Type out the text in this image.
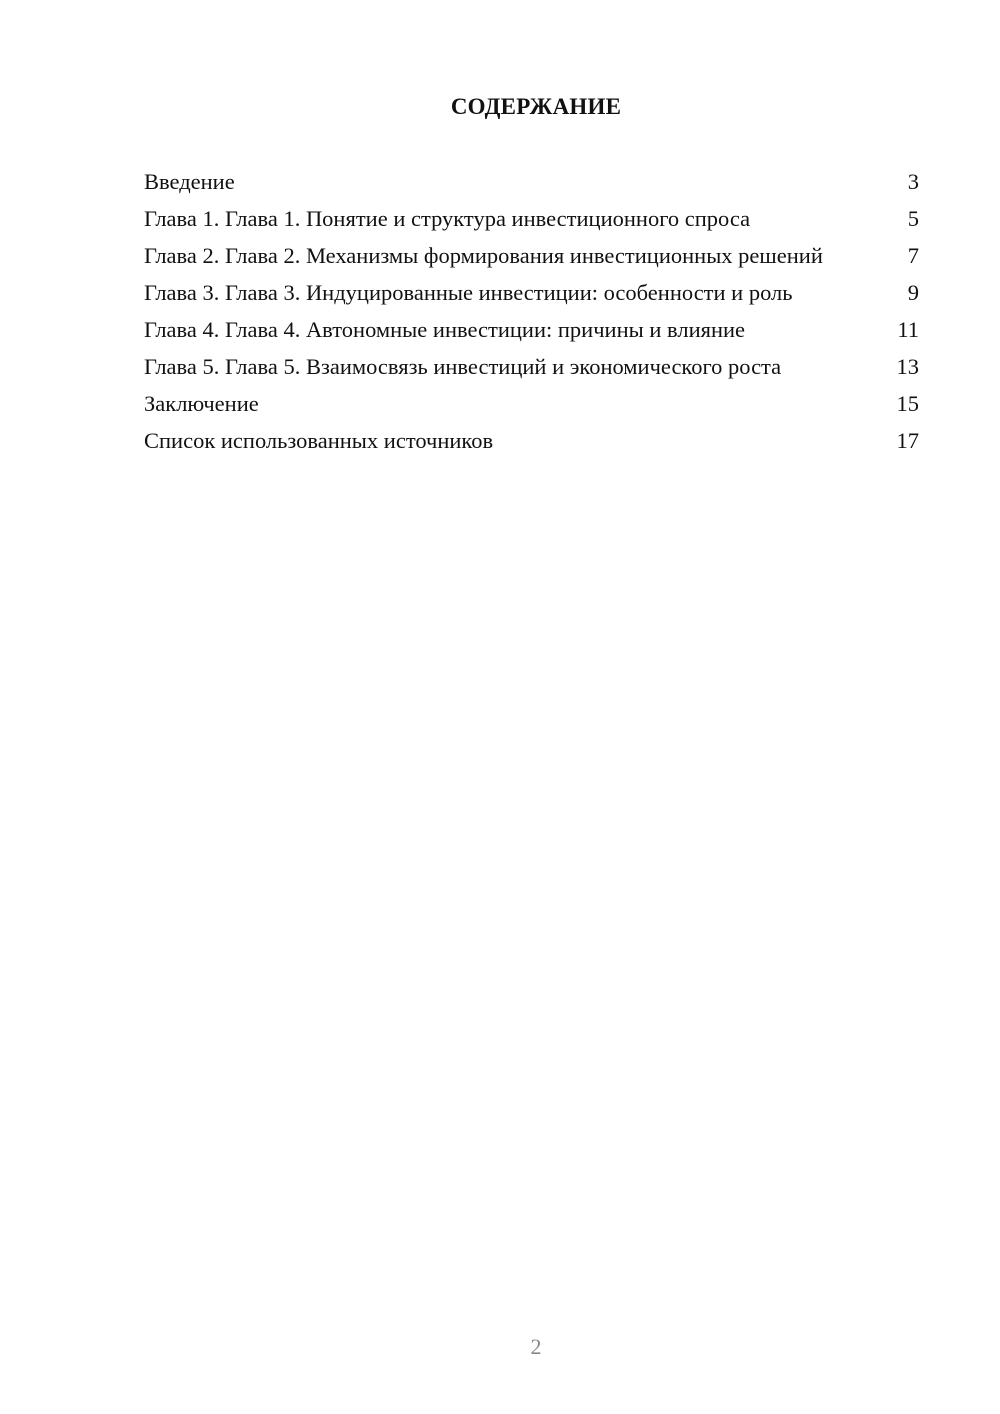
СОДЕРЖАНИЕ
Введение	3
Глава 1. Глава 1. Понятие и структура инвестиционного спроса	5
Глава 2. Глава 2. Механизмы формирования инвестиционных решений	7
Глава 3. Глава 3. Индуцированные инвестиции: особенности и роль	9
Глава 4. Глава 4. Автономные инвестиции: причины и влияние	11
Глава 5. Глава 5. Взаимосвязь инвестиций и экономического роста	13
Заключение	15
Список использованных источников	17
2
